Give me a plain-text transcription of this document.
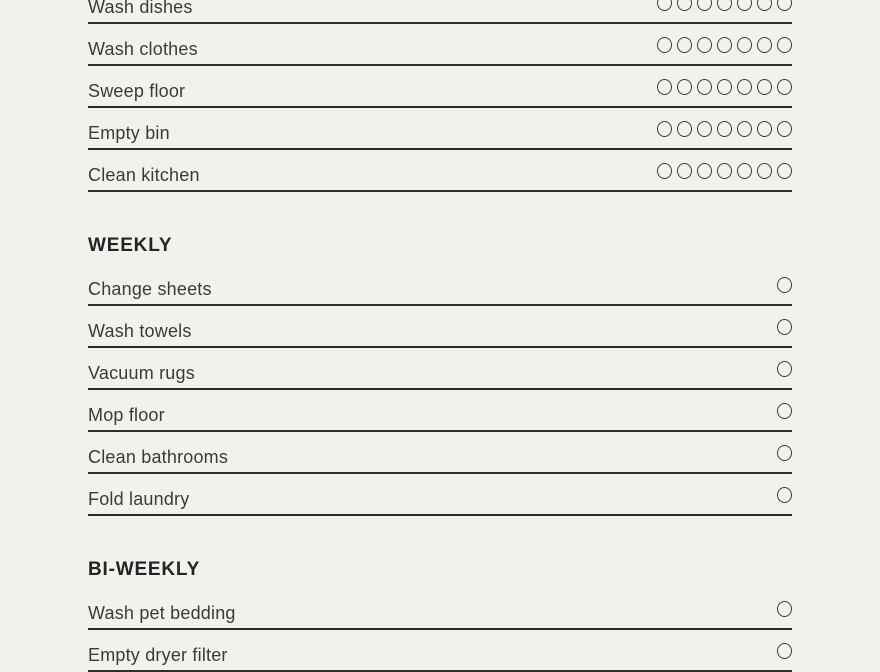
Wash dishes
Wash clothes
Sweep floor
Empty bin
Clean kitchen
WEEKLY
Change sheets
Wash towels
Vacuum rugs
Mop floor
Clean bathrooms
Fold laundry
BI-WEEKLY
Wash pet bedding
Empty dryer filter
